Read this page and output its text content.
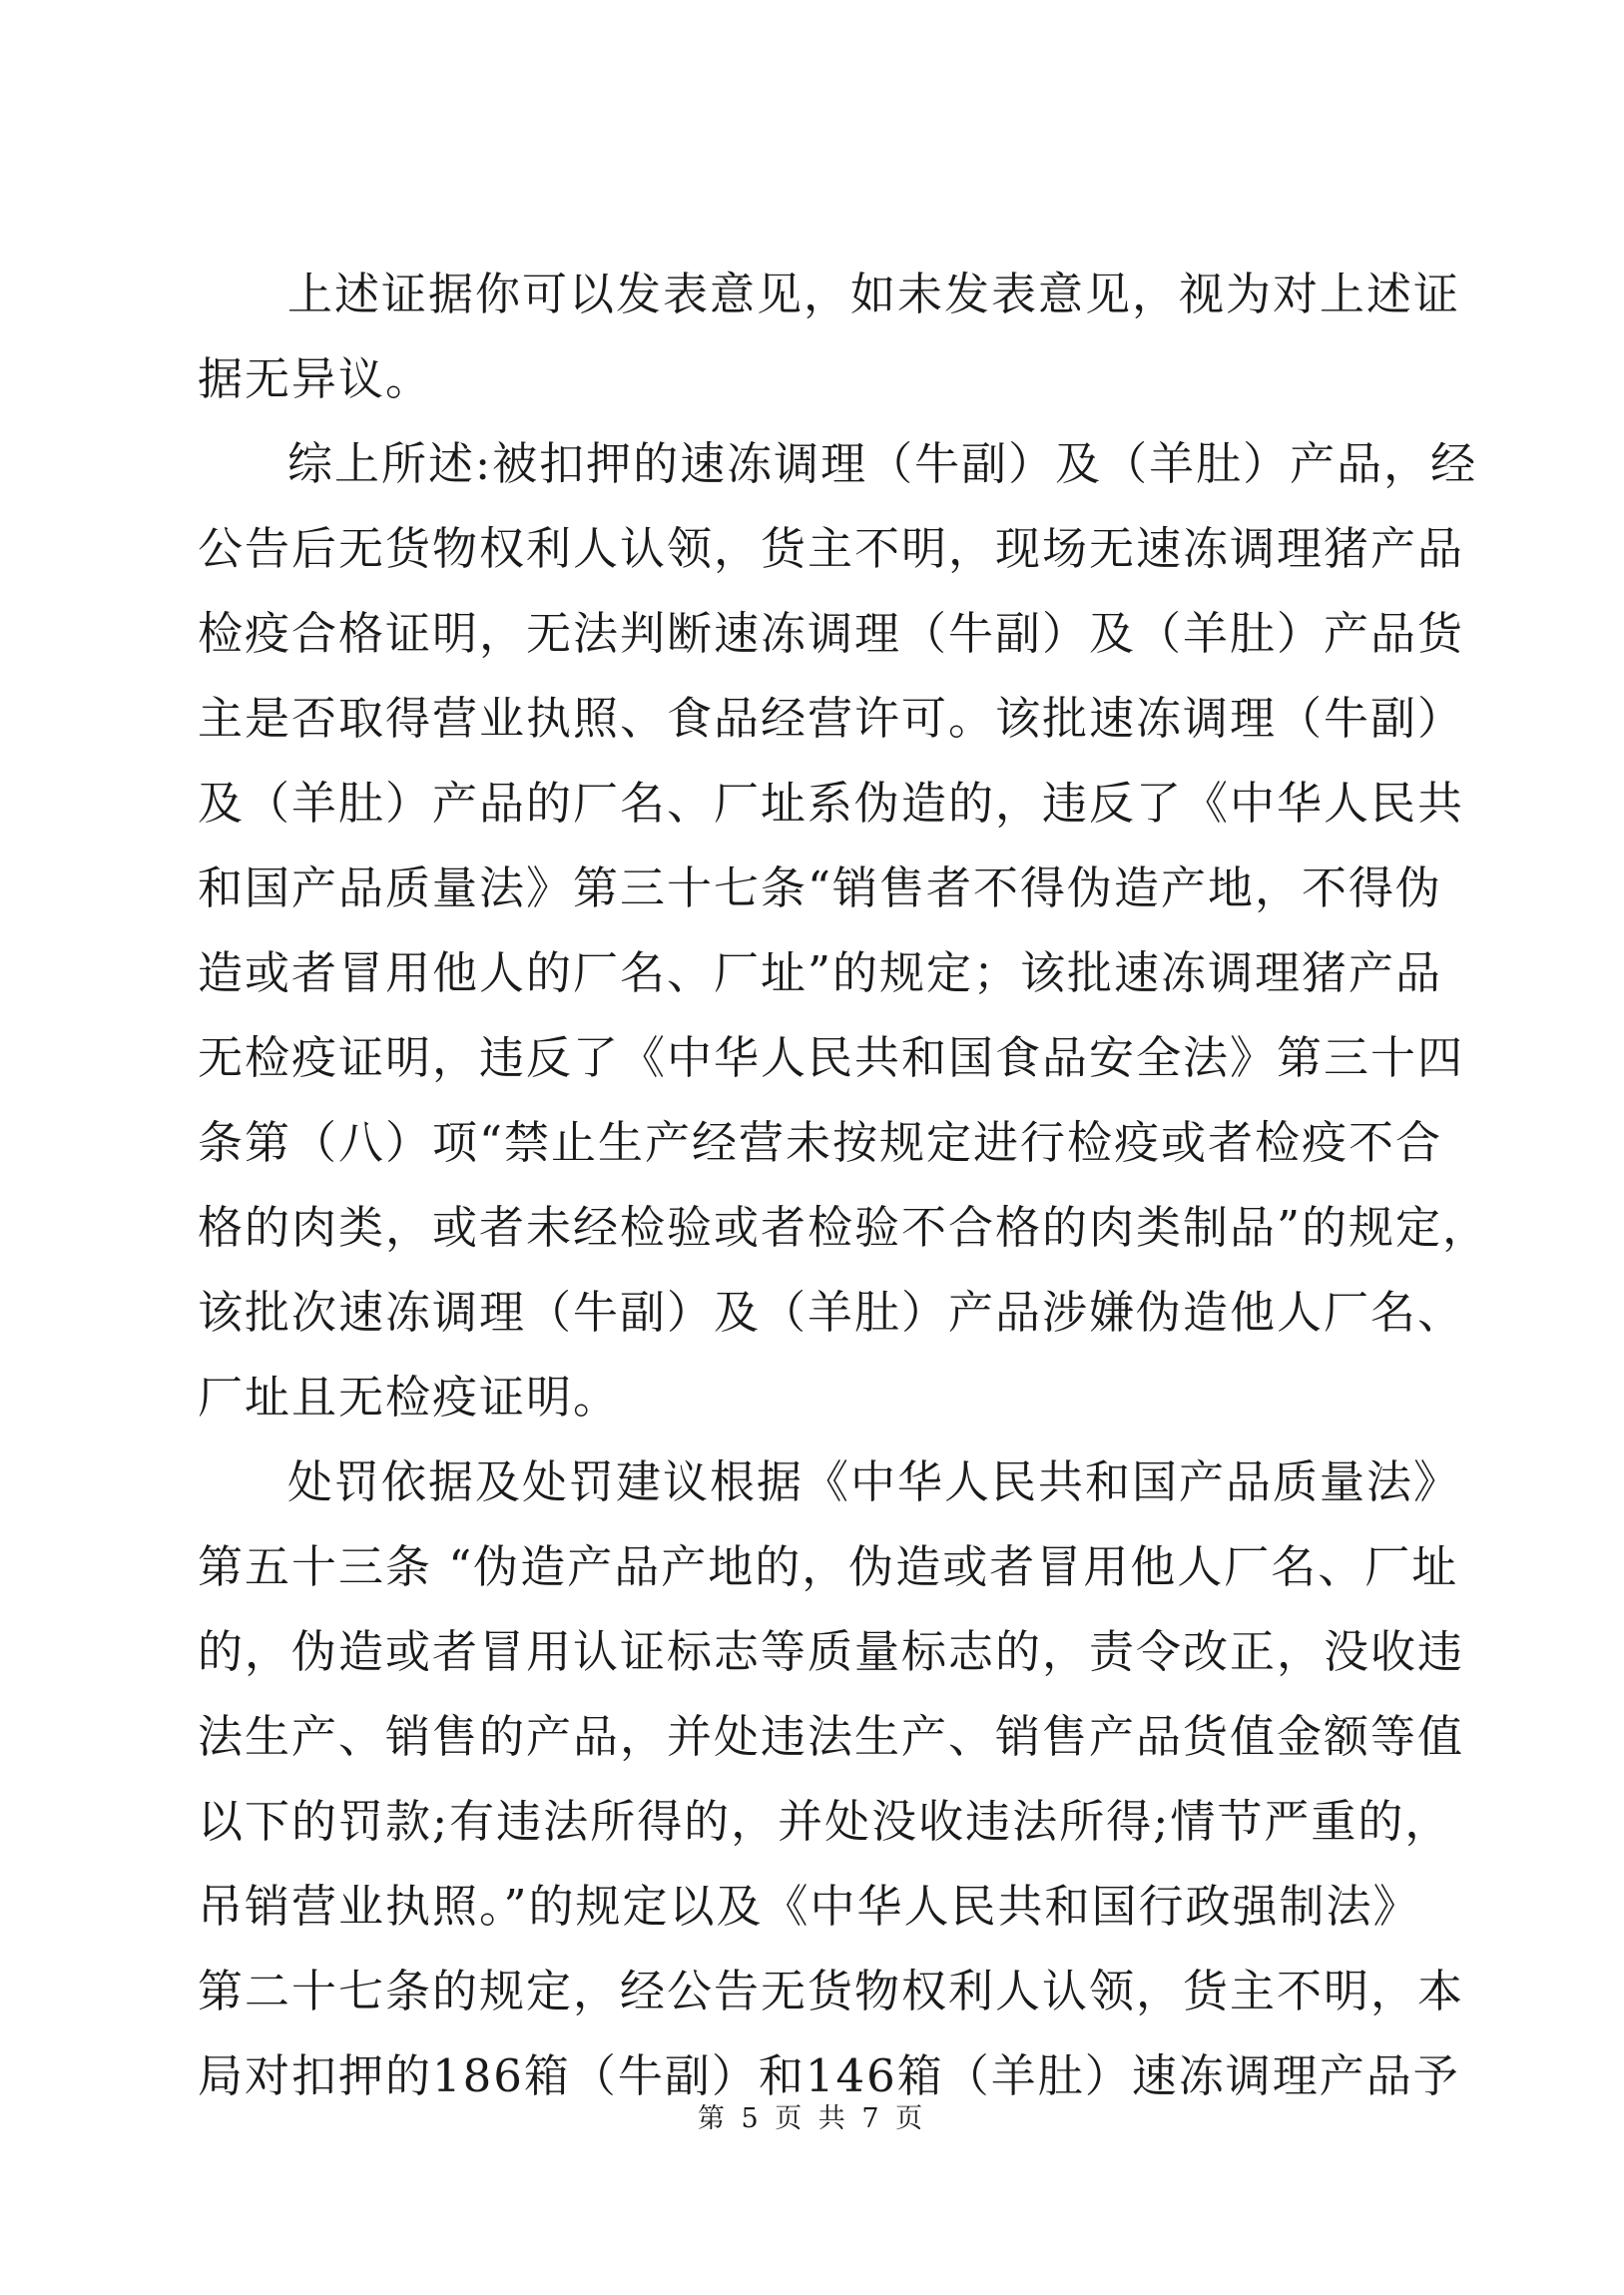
上述证据你可以发表意见，如未发表意见，视为对上述证
据无异议。
综上所述:被扣押的速冻调理（牛副）及（羊肚）产品，经
公告后无货物权利人认领，货主不明，现场无速冻调理猪产品
检疫合格证明，无法判断速冻调理（牛副）及（羊肚）产品货
主是否取得营业执照、食品经营许可。该批速冻调理（牛副）
及（羊肚）产品的厂名、厂址系伪造的，违反了《中华人民共
和国产品质量法》第三十七条“销售者不得伪造产地，不得伪
造或者冒用他人的厂名、厂址”的规定；该批速冻调理猪产品
无检疫证明，违反了《中华人民共和国食品安全法》第三十四
条第（八）项“禁止生产经营未按规定进行检疫或者检疫不合
格的肉类，或者未经检验或者检验不合格的肉类制品”的规定，
该批次速冻调理（牛副）及（羊肚）产品涉嫌伪造他人厂名、
厂址且无检疫证明。
处罚依据及处罚建议根据《中华人民共和国产品质量法》
第五十三条 “伪造产品产地的，伪造或者冒用他人厂名、厂址
的，伪造或者冒用认证标志等质量标志的，责令改正，没收违
法生产、销售的产品，并处违法生产、销售产品货值金额等值
以下的罚款;有违法所得的，并处没收违法所得;情节严重的，
吊销营业执照。”的规定以及《中华人民共和国行政强制法》
第二十七条的规定，经公告无货物权利人认领，货主不明，本
局对扣押的186箱（牛副）和146箱（羊肚）速冻调理产品予
第 5 页 共 7 页
